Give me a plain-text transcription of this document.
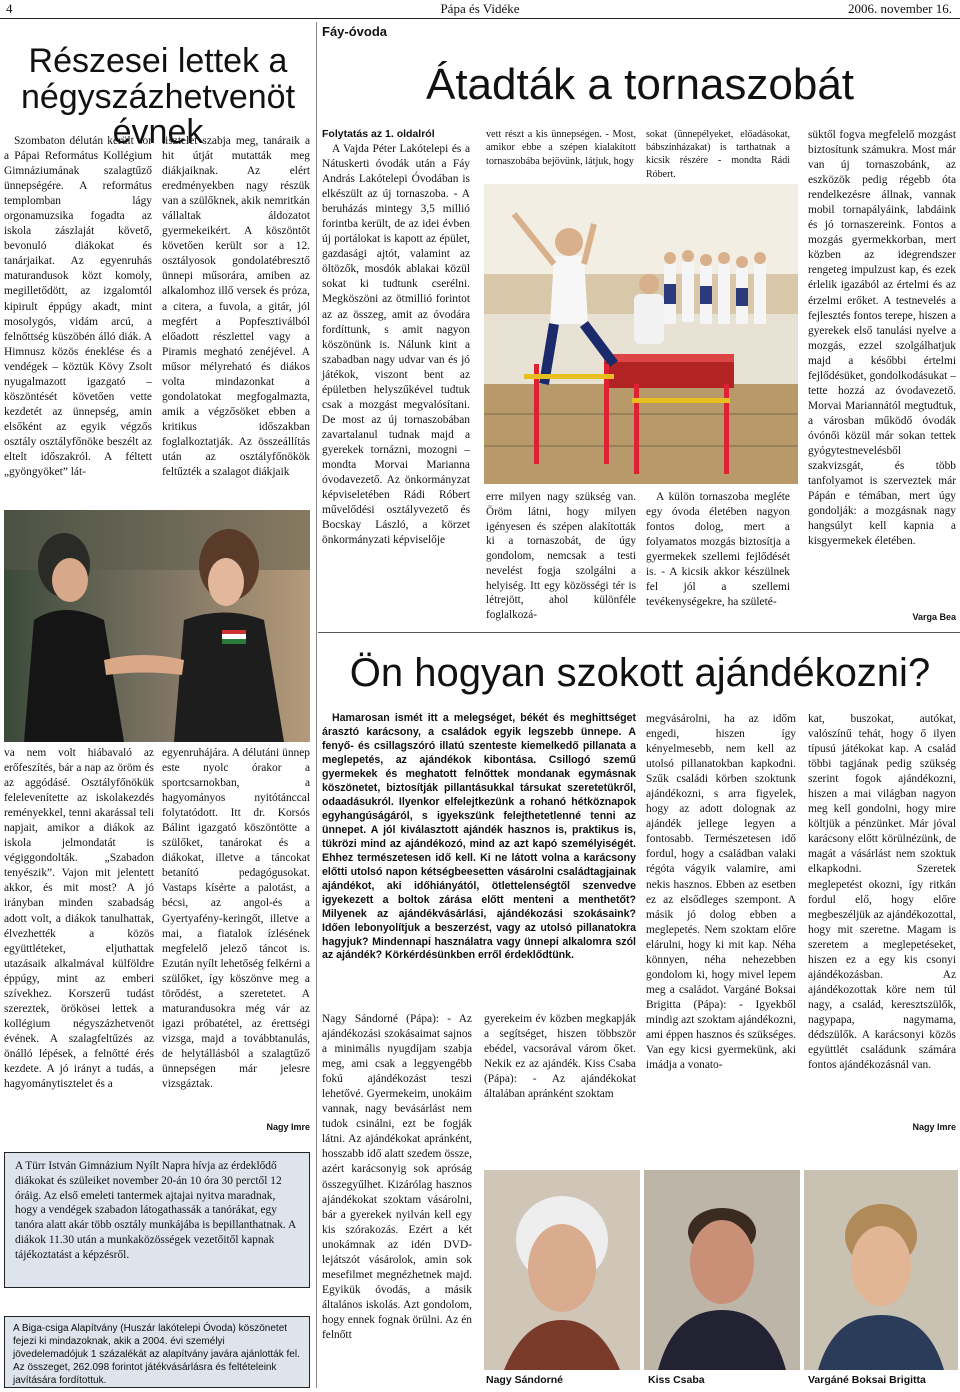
4	Pápa és Vidéke	2006. november 16.
Részesei lettek a
négyszázhetvenöt évnek

Szombaton délután került sor a Pápai Református Kollégium Gimnáziumának szalagtűző ünnepségére. A református templomban lágy orgonamuzsika fogadta az iskola zászlaját követő, bevonuló diákokat és tanárjaikat. Az egyenruhás maturandusok közt komoly, megilletődött, az izgalomtól kipirult éppúgy akadt, mint mosolygós, vidám arcú, a felnőttség küszöbén álló diák. A Himnusz közös éneklése és a vendégek – köztük Kövy Zsolt nyugalmazott igazgató – köszöntését követően vette kezdetét az ünnepség, amin elsőként az egyik végzős osztály osztályfőnöke beszélt az eltelt időszakról. A féltett „gyöngyöket” lát-

tisztelet szabja meg, tanáraik a hit útját mutatták meg diákjaiknak. Az elért eredményekben nagy részük van a szülőknek, akik nemritkán vállaltak áldozatot gyermekeikért. A köszöntőt követően került sor a 12. osztályosok gondolatébresztő ünnepi műsorára, amiben az alkalomhoz illő versek és próza, a citera, a fuvola, a gitár, jól megfért a Popfesztiválból előadott részlettel vagy a Piramis megható zenéjével. A műsor mélyreható és diákos volta mindazonkat a gondolatokat megfogalmazta, amik a végzősöket ebben a kritikus időszakban foglalkoztatják. Az összeállítás után az osztályfőnökök feltűzték a szalagot diákjaik

va nem volt hiábavaló az erőfeszítés, bár a nap az öröm és az aggódásé. Osztályfőnökük felelevenítette az iskolakezdés reményekkel, tenni akarással teli napjait, amikor a diákok az iskola jelmondatát is végiggondolták. „Szabadon tenyészik”. Vajon mit jelentett akkor, és mit most? A jó irányban minden szabadság adott volt, a diákok tanulhattak, élvezhették a közös együttléteket, eljuthattak utazásaik alkalmával külföldre éppúgy, mint az emberi szívekhez. Korszerű tudást szereztek, örökösei lettek a kollégium négyszázhetvenöt évének. A szalagfeltűzés az önálló lépések, a felnőtté érés kezdete. A jó irányt a tudás, a hagyománytisztelet és a

egyenruhájára. A délutáni ünnep este nyolc órakor a sportcsarnokban, a hagyományos nyitótánccal folytatódott. Itt dr. Korsós Bálint igazgató köszöntötte a szülőket, tanárokat és a diákokat, illetve a táncokat betanító pedagógusokat. Vastaps kísérte a palotást, a bécsi, az angol-és a Gyertyafény-keringőt, illetve a mai, a fiatalok ízlésének megfelelő jelező táncot is. Ezután nyílt lehetőség felkérni a szülőket, így köszönve meg a törődést, a szeretetet. A maturandusokra még vár az igazi próbatétel, az érettségi vizsga, majd a továbbtanulás, de helytállásból a szalagtűző ünnepségen már jelesre vizsgáztak.

Nagy Imre
A Türr István Gimnázium Nyílt Napra hívja az érdeklődő diákokat és szüleiket november 20-án 10 óra 30 perctől 12 óráig. Az első emeleti tantermek ajtajai nyitva maradnak, hogy a vendégek szabadon látogathassák a tanórákat, egy tanóra alatt akár több osztály munkájába is bepillanthatnak. A diákok 11.30 után a munkaközösségek vezetőitől kapnak tájékoztatást a képzésről.
A Biga-csiga Alapítvány (Huszár lakótelepi Óvoda) köszönetet fejezi ki mindazoknak, akik a 2004. évi személyi jövedelemadójuk 1 százalékát az alapítvány javára ajánlották fel. Az összeget, 262.098 forintot játékvásárlásra és feltételeink javítására fordítottuk.
Fáy-óvoda
Átadták a tornaszobát
Folytatás az 1. oldalról

A Vajda Péter Lakótelepi és a Nátuskerti óvodák után a Fáy András Lakótelepi Óvodában is elkészült az új tornaszoba. - A beruházás mintegy 3,5 millió forintba került, de az idei évben új portálokat is kapott az épület, gazdasági ajtót, valamint az öltözők, mosdók ablakai közül sokat ki tudtunk cserélni. Megköszöni az ötmillió forintot az az összeg, amit az óvodára fordíttunk, s amit nagyon köszönünk is. Nálunk kint a szabadban nagy udvar van és jó játékok, viszont bent az épületben helyszűkével tudtuk csak a mozgást megvalósítani. De most az új tornaszobában zavartalanul tudnak majd a gyerekek tornázni, mozogni – mondta Morvai Marianna óvodavezető. Az önkormányzat képviseletében Rádi Róbert művelődési osztályvezető és Bocskay László, a körzet önkormányzati képviselője

vett részt a kis ünnepségen. - Most, amikor ebbe a szépen kialakított tornaszobába bejövünk, látjuk, hogy

sokat (ünnepélyeket, előadásokat, bábszínházakat) is tarthatnak a kicsik részére - mondta Rádi Róbert.

erre milyen nagy szükség van. Öröm látni, hogy milyen igényesen és szépen alakították ki a tornaszobát, de úgy gondolom, nemcsak a testi nevelést fogja szolgálni a helyiség. Itt egy közösségi tér is létrejött, ahol különféle foglalkozá-

A külön tornaszoba megléte egy óvoda életében nagyon fontos dolog, mert a folyamatos mozgás biztosítja a gyermekek szellemi fejlődését is. - A kicsik akkor készülnek fel jól a szellemi tevékenységekre, ha születé-

süktől fogva megfelelő mozgást biztosítunk számukra. Most már van új tornaszobánk, az eszközök pedig régebb óta rendelkezésre állnak, vannak mobil tornapályáink, labdáink és jó tornaszereink. Fontos a mozgás gyermekkorban, mert közben az idegrendszer rengeteg impulzust kap, és ezek érlelik igazából az értelmi és az érzelmi erőket. A testnevelés a fejlesztés fontos terepe, hiszen a gyerekek első tanulási nyelve a mozgás, ezzel szolgálhatjuk majd a későbbi értelmi fejlődésüket, gondolkodásukat – tette hozzá az óvodavezető. Morvai Mariannától megtudtuk, a városban működő óvodák óvónői közül már sokan tettek gyógytestnevelésből szakvizsgát, és több tanfolyamot is szerveztek már Pápán e témában, mert úgy gondolják: a mozgásnak nagy hangsúlyt kell kapnia a kisgyermekek életében.

Varga Bea
Ön hogyan szokott ajándékozni?

Hamarosan ismét itt a melegséget, békét és meghittséget árasztó karácsony, a családok egyik legszebb ünnepe. A fenyő- és csillagszóró illatú szenteste kiemelkedő pillanata a meglepetés, az ajándékok kibontása. Csillogó szemű gyermekek és meghatott felnőttek mondanak egymásnak köszönetet, biztosítják pillantásukkal társukat szeretetükről, odaadásukról. Ilyenkor elfelejtkezünk a rohanó hétköznapok egyhangúságáról, s igyekszünk felejthetetlenné tenni az ünnepet. A jól kiválasztott ajándék hasznos is, praktikus is, tükrözi mind az ajándékozó, mind az azt kapó személyiségét. Ehhez természetesen idő kell. Ki ne látott volna a karácsony előtti utolsó napon kétségbeesetten vásárolni családtagjainak ajándékot, aki időhiányától, ötlettelenségtől szenvedve igyekezett a boltok zárása előtt menteni a menthetőt? Milyenek az ajándékvásárlási, ajándékozási szokásaink? Idően lebonyolítjuk a beszerzést, vagy az utolsó pillanatokra hagyjuk? Mindennapi használatra vagy ünnepi alkalomra szól az ajándék? Körkérdésünkben erről érdeklődtünk.

Nagy Sándorné (Pápa): - Az ajándékozási szokásaimat sajnos a minimális nyugdíjam szabja meg, ami csak a leggyengébb fokú ajándékozást teszi lehetővé. Gyermekeim, unokáim vannak, nagy bevásárlást nem tudok csinálni, ezt be fogják látni. Az ajándékokat apránként, hosszabb idő alatt szedem össze, azért karácsonyig sok apróság összegyűlhet. Kizárólag hasznos ajándékokat szoktam vásárolni, bár a gyerekek nyilván kell egy kis szórakozás. Ezért a két unokámnak az idén DVD-lejátszót vásárolok, amin sok mesefilmet megnézhetnek majd. Egyikük óvodás, a másik általános iskolás. Azt gondolom, hogy ennek fognak örülni. Az én felnőtt

gyerekeim év közben megkapják a segítséget, hiszen többször ebédel, vacsorával várom őket. Nekik ez az ajándék. Kiss Csaba (Pápa): - Az ajándékokat általában apránként szoktam

megvásárolni, ha az időm engedi, hiszen így kényelmesebb, nem kell az utolsó pillanatokban kapkodni. Szűk családi körben szoktunk ajándékozni, s arra figyelek, hogy az adott dolognak az ajándék jellege legyen a fontosabb. Természetesen idő fordul, hogy a családban valaki régóta vágyik valamire, ami nekis hasznos. Ebben az esetben ez az elsődleges szempont. A másik jó dolog ebben a meglepetés. Nem szoktam előre elárulni, hogy ki mit kap. Néha könnyen, néha nehezebben gondolom ki, hogy mivel lepem meg a családot. Vargáné Boksai Brigitta (Pápa): - Igyekből mindig azt szoktam ajándékozni, ami éppen hasznos és szükséges. Van egy kicsi gyermekünk, aki imádja a vonato-

kat, buszokat, autókat, valószínű tehát, hogy ő ilyen típusú játékokat kap. A család többi tagjának pedig szükség szerint fogok ajándékozni, hiszen a mai világban nagyon meg kell gondolni, hogy mire költjük a pénzünket. Már jóval karácsony előtt körülnézünk, de magát a vásárlást nem szoktuk elkapkodni. Szeretek meglepetést okozni, így ritkán fordul elő, hogy előre megbeszéljük az ajándékozottal, hogy mit szeretne. Magam is szeretem a meglepetéseket, hiszen ez a egy kis csonyi ajándékozásban. Az ajándékozottak köre nem túl nagy, a család, keresztszülők, nagypapa, nagymama, dédszülők. A karácsonyi közös együttlét családunk számára fontos ajándékozásnál van.

Nagy Imre
Nagy Sándorné	Kiss Csaba	Vargáné Boksai Brigitta
